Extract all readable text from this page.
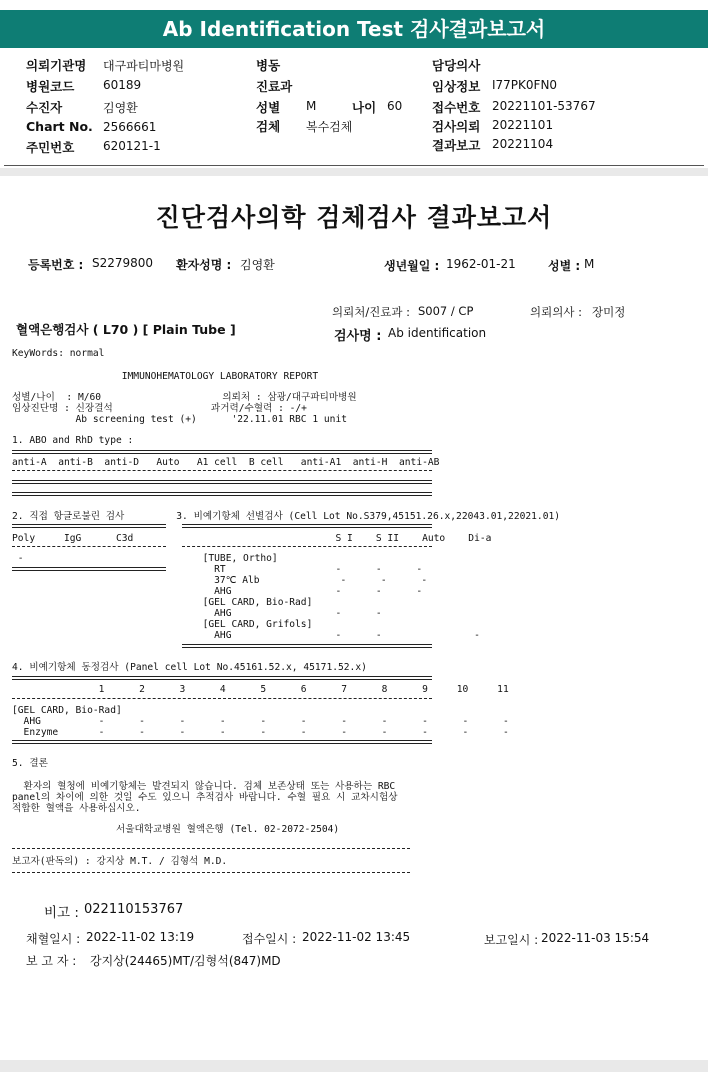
Ab Identification Test 검사결과보고서
의뢰기관명 대구파티마병원
병원코드 60189
수진자	김영환
Chart No. 2566661
주민번호 620121-1
병동
진료과
성별 M	나이 60
검체 복수검체
담당의사
임상정보 I77PK0FN0
접수번호 20221101-53767
검사의뢰 20221101
결과보고 20221104
진단검사의학 검체검사 결과보고서
등록번호 : S2279800 환자성명 : 김영환	생년월일 : 1962-01-21	성별 : M
의뢰처/진료과 : S007 / CP	의뢰의사 : 장미정
혈액은행검사 ( L70 ) [ Plain Tube ]	검사명 : Ab identification
KeyWords: normal
IMMUNOHEMATOLOGY LABORATORY REPORT
성별/나이  : M/60                     의뢰처 : 삼광/대구파티마병원
임상진단명 : 신장결석                 과거력/수혈력 : -/+
Ab screening test (+)      '22.11.01 RBC 1 unit
1. ABO and RhD type :
anti-A  anti-B  anti-D   Auto   A1 cell  B cell   anti-A1  anti-H  anti-AB
2. 직접 항글로불린 검사         3. 비예기항체 선별검사 (Cell Lot No.S379,45151.26.x,22043.01,22021.01)
Poly     IgG      C3d                                   S I    S II    Auto    Di-a
-                               [TUBE, Ortho]
RT                   -      -      -
37℃ Alb              -      -      -
AHG                  -      -      -
[GEL CARD, Bio-Rad]
AHG                  -      -
[GEL CARD, Grifols]
AHG                  -      -                -
4. 비예기항체 동정검사 (Panel cell Lot No.45161.52.x, 45171.52.x)
1      2      3      4      5      6      7      8      9     10     11
[GEL CARD, Bio-Rad]
AHG          -      -      -      -      -      -      -      -      -      -      -
Enzyme       -      -      -      -      -      -      -      -      -      -      -
5. 결론
환자의 혈청에 비예기항체는 발견되지 않습니다. 검체 보존상태 또는 사용하는 RBC
panel의 차이에 의한 것일 수도 있으니 추적검사 바랍니다. 수혈 필요 시 교차시험상
적합한 혈액을 사용하십시오.
서울대학교병원 혈액은행 (Tel. 02-2072-2504)
보고자(판독의) : 강지상 M.T. / 김형석 M.D.
비고 : 022110153767
채혈일시 : 2022-11-02 13:19	접수일시 : 2022-11-02 13:45	보고일시 : 2022-11-03 15:54
보 고 자 : 강지상(24465)MT/김형석(847)MD
